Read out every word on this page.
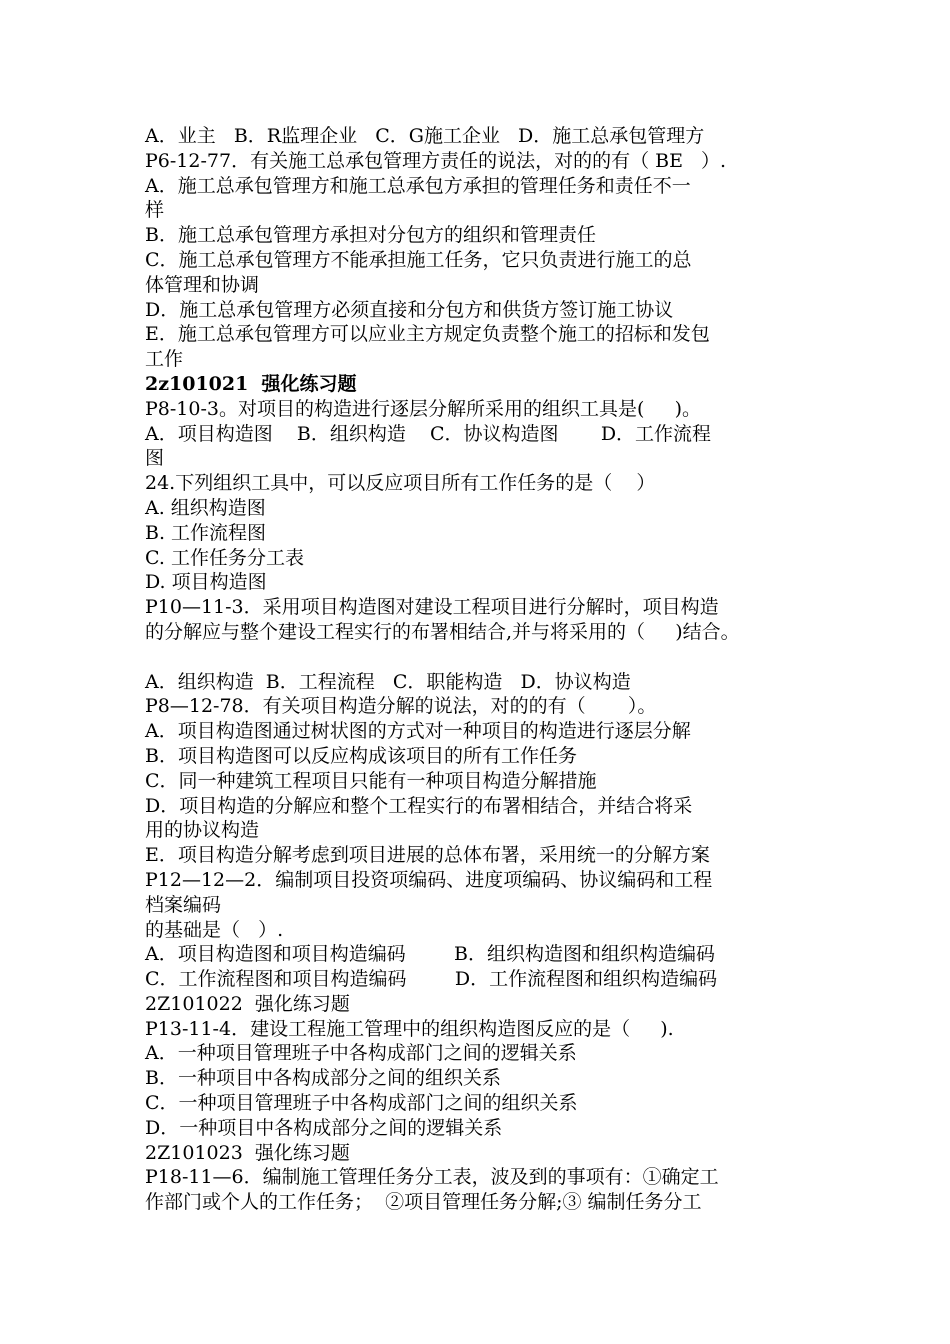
A．业主   B．R监理企业   C．G施工企业   D．施工总承包管理方
P6-12-77．有关施工总承包管理方责任的说法，对的的有（ BE   ）.
A．施工总承包管理方和施工总承包方承担的管理任务和责任不一
样
B．施工总承包管理方承担对分包方的组织和管理责任
C．施工总承包管理方不能承担施工任务，它只负责进行施工的总
体管理和协调
D．施工总承包管理方必须直接和分包方和供货方签订施工协议
E．施工总承包管理方可以应业主方规定负责整个施工的招标和发包
工作
2z101021  强化练习题
P8-10-3。对项目的构造进行逐层分解所采用的组织工具是(     )。
A．项目构造图    B．组织构造    C．协议构造图       D．工作流程
图
24.下列组织工具中，可以反应项目所有工作任务的是（    ）
A. 组织构造图
B. 工作流程图
C. 工作任务分工表
D. 项目构造图
P10—11-3．采用项目构造图对建设工程项目进行分解时，项目构造
的分解应与整个建设工程实行的布署相结合,并与将采用的（     )结合。
A．组织构造  B．工程流程   C．职能构造   D．协议构造
P8—12-78．有关项目构造分解的说法，对的的有（       ）。
A．项目构造图通过树状图的方式对一种项目的构造进行逐层分解
B．项目构造图可以反应构成该项目的所有工作任务
C．同一种建筑工程项目只能有一种项目构造分解措施
D．项目构造的分解应和整个工程实行的布署相结合，并结合将采
用的协议构造
E．项目构造分解考虑到项目进展的总体布署，采用统一的分解方案
P12—12—2．编制项目投资项编码、进度项编码、协议编码和工程
档案编码
的基础是（   ）.
A．项目构造图和项目构造编码        B．组织构造图和组织构造编码
C．工作流程图和项目构造编码        D．工作流程图和组织构造编码
2Z101022  强化练习题
P13-11-4．建设工程施工管理中的组织构造图反应的是（     ).
A．一种项目管理班子中各构成部门之间的逻辑关系
B．一种项目中各构成部分之间的组织关系
C．一种项目管理班子中各构成部门之间的组织关系
D．一种项目中各构成部分之间的逻辑关系
2Z101023  强化练习题
P18-11—6．编制施工管理任务分工表，波及到的事项有：①确定工
作部门或个人的工作任务；  ②项目管理任务分解;③ 编制任务分工
